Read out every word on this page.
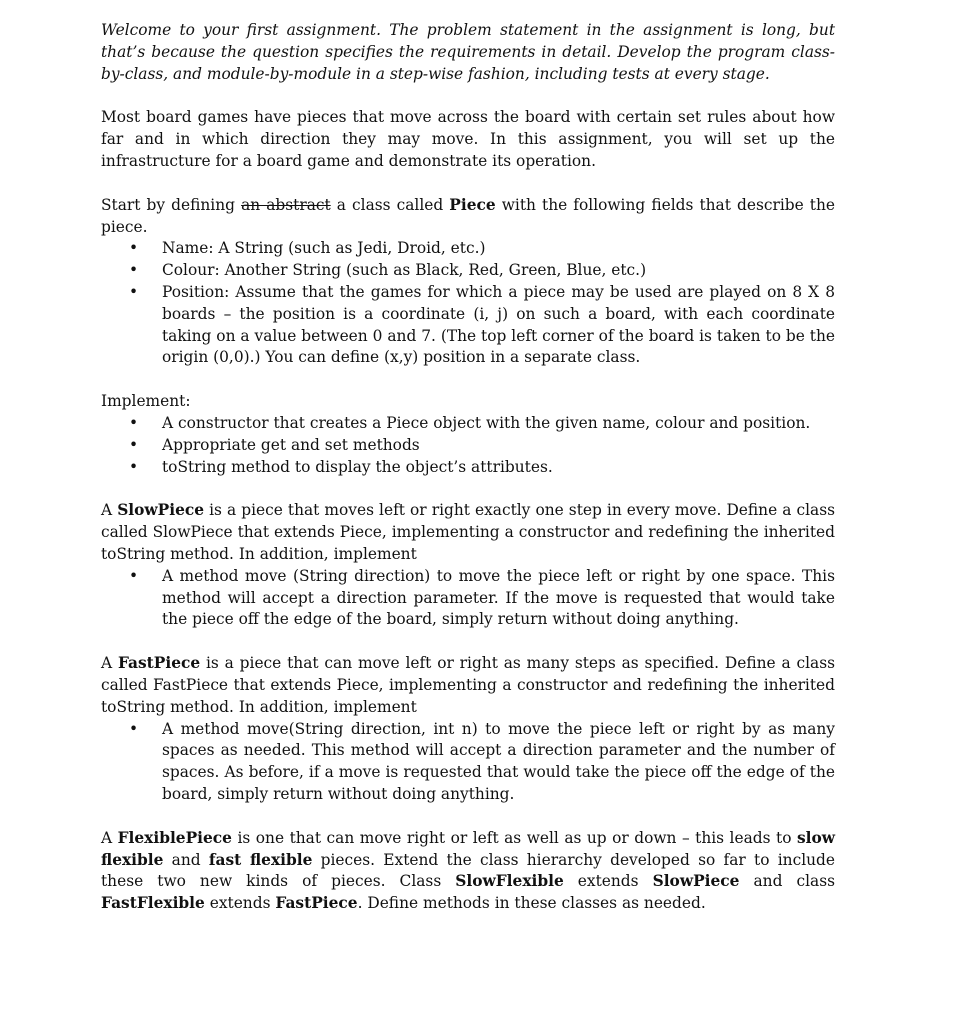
Welcome to your first assignment. The problem statement in the assignment is long, but that’s because the question specifies the requirements in detail. Develop the program class-by-class, and module-by-module in a step-wise fashion, including tests at every stage.

Most board games have pieces that move across the board with certain set rules about how far and in which direction they may move. In this assignment, you will set up the infrastructure for a board game and demonstrate its operation.

Start by defining an abstract a class called Piece with the following fields that describe the piece.

• Name: A String (such as Jedi, Droid, etc.)
• Colour: Another String (such as Black, Red, Green, Blue, etc.)
• Position: Assume that the games for which a piece may be used are played on 8 X 8 boards – the position is a coordinate (i, j) on such a board, with each coordinate taking on a value between 0 and 7. (The top left corner of the board is taken to be the origin (0,0).) You can define (x,y) position in a separate class.

Implement:

• A constructor that creates a Piece object with the given name, colour and position.
• Appropriate get and set methods
• toString method to display the object’s attributes.

A SlowPiece is a piece that moves left or right exactly one step in every move. Define a class called SlowPiece that extends Piece, implementing a constructor and redefining the inherited toString method. In addition, implement

• A method move (String direction) to move the piece left or right by one space. This method will accept a direction parameter. If the move is requested that would take the piece off the edge of the board, simply return without doing anything.

A FastPiece is a piece that can move left or right as many steps as specified. Define a class called FastPiece that extends Piece, implementing a constructor and redefining the inherited toString method. In addition, implement

• A method move(String direction, int n) to move the piece left or right by as many spaces as needed. This method will accept a direction parameter and the number of spaces. As before, if a move is requested that would take the piece off the edge of the board, simply return without doing anything.

A FlexiblePiece is one that can move right or left as well as up or down – this leads to slow flexible and fast flexible pieces. Extend the class hierarchy developed so far to include these two new kinds of pieces. Class SlowFlexible extends SlowPiece and class FastFlexible extends FastPiece. Define methods in these classes as needed.
